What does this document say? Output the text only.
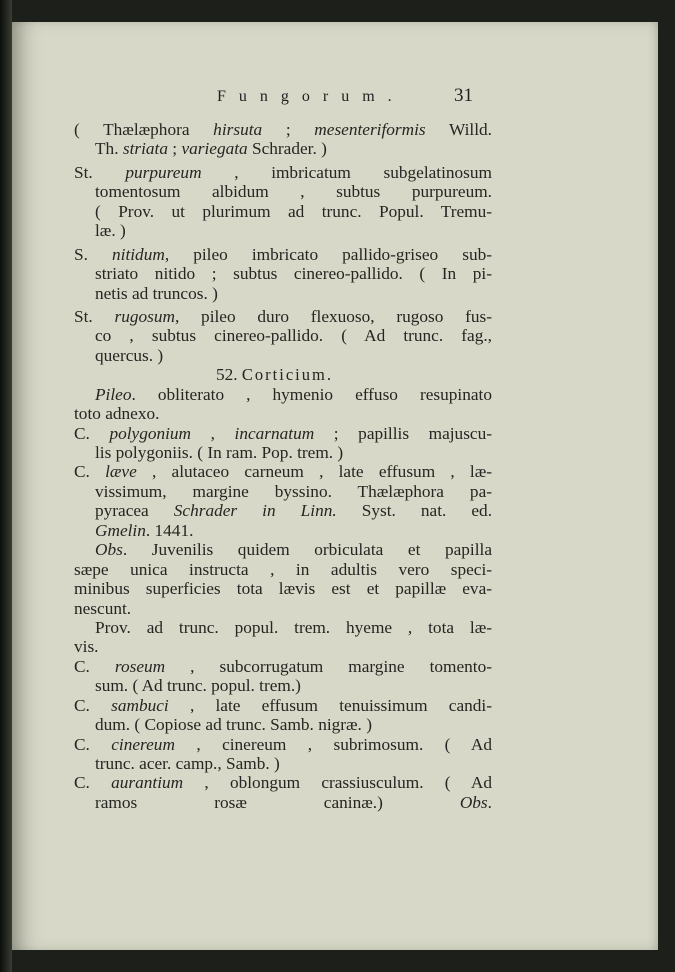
F u n g o r u m .	31
( Thælæphora hirsuta ; mesenteriformis Willd.
Th. striata ; variegata Schrader. )
St. purpureum , imbricatum subgelatinosum
tomentosum albidum , subtus purpureum.
( Prov. ut plurimum ad trunc. Popul. Tremu-
læ. )
S. nitidum, pileo imbricato pallido-griseo sub-
striato nitido ; subtus cinereo-pallido. ( In pi-
netis ad truncos. )
St. rugosum, pileo duro flexuoso, rugoso fus-
co , subtus cinereo-pallido. ( Ad trunc. fag.,
quercus. )
52. Corticium.
Pileo. obliterato , hymenio effuso resupinato
toto adnexo.
C. polygonium , incarnatum ; papillis majuscu-
lis polygoniis. ( In ram. Pop. trem. )
C. læve , alutaceo carneum , late effusum , læ-
vissimum, margine byssino. Thælæphora pa-
pyracea Schrader in Linn. Syst. nat. ed.
Gmelin. 1441.
Obs. Juvenilis quidem orbiculata et papilla
sæpe unica instructa , in adultis vero speci-
minibus superficies tota lævis est et papillæ eva-
nescunt.
Prov. ad trunc. popul. trem. hyeme , tota læ-
vis.
C. roseum , subcorrugatum margine tomento-
sum. ( Ad trunc. popul. trem.)
C. sambuci , late effusum tenuissimum candi-
dum. ( Copiose ad trunc. Samb. nigræ. )
C. cinereum , cinereum , subrimosum. ( Ad
trunc. acer. camp., Samb. )
C. aurantium , oblongum crassiusculum. ( Ad
ramos rosæ caninæ.) Obs.
